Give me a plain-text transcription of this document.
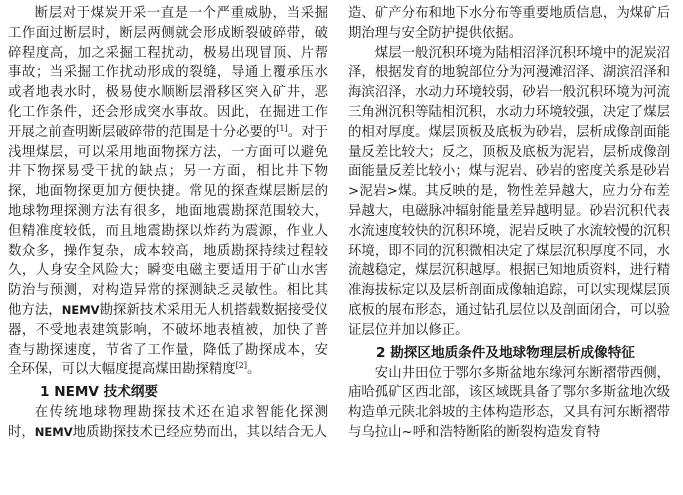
断层对于煤炭开采一直是一个严重威胁，当采掘工作面过断层时，断层两侧就会形成断裂破碎带，破碎程度高，加之采掘工程扰动，极易出现冒顶、片帮事故；当采掘工作扰动形成的裂缝，导通上覆承压水或者地表水时，极易使水顺断层滑移区突入矿井，恶化工作条件，还会形成突水事故。因此，在掘进工作开展之前查明断层破碎带的范围是十分必要的[1]。对于浅埋煤层，可以采用地面物探方法，一方面可以避免井下物探易受干扰的缺点；另一方面，相比井下物探，地面物探更加方便快捷。常见的探查煤层断层的地球物理探测方法有很多，地面地震勘探范围较大，但精准度较低，而且地震勘探以炸药为震源，作业人数众多，操作复杂，成本较高，地质勘探持续过程较久，人身安全风险大；瞬变电磁主要适用于矿山水害防治与预测，对构造异常的探测缺乏灵敏性。相比其他方法，NEMV勘探新技术采用无人机搭载数据接受仪器，不受地表建筑影响，不破坏地表植被，加快了普查与勘探速度，节省了工作量，降低了勘探成本，安全环保，可以大幅度提高煤田勘探精度[2]。

1 NEMV 技术纲要

在传统地球物理勘探技术还在追求智能化探测时，NEMV地质勘探技术已经应势而出，其以结合无人

造、矿产分布和地下水分布等重要地质信息，为煤矿后期治理与安全防护提供依据。

煤层一般沉积环境为陆相沼泽沉积环境中的泥炭沼泽，根据发育的地貌部位分为河漫滩沼泽、湖滨沼泽和海滨沼泽，水动力环境较弱，砂岩一般沉积环境为河流三角洲沉积等陆相沉积，水动力环境较强，决定了煤层的相对厚度。煤层顶板及底板为砂岩，层析成像剖面能量反差比较大；反之，顶板及底板为泥岩，层析成像剖面能量反差比较小；煤与泥岩、砂岩的密度关系是砂岩>泥岩>煤。其反映的是，物性差异越大，应力分布差异越大，电磁脉冲辐射能量差异越明显。砂岩沉积代表水流速度较快的沉积环境，泥岩反映了水流较慢的沉积环境，即不同的沉积微相决定了煤层沉积厚度不同，水流越稳定，煤层沉积越厚。根据已知地质资料，进行精准海拔标定以及层析剖面成像轴追踪，可以实现煤层顶底板的展布形态，通过钻孔层位以及剖面闭合，可以验证层位并加以修正。

2 勘探区地质条件及地球物理层析成像特征

安山井田位于鄂尔多斯盆地东缘河东断褶带西侧，庙哈孤矿区西北部，该区域既具备了鄂尔多斯盆地次级构造单元陕北斜坡的主体构造形态，又具有河东断褶带与乌拉山~呼和浩特断陷的断裂构造发育特
